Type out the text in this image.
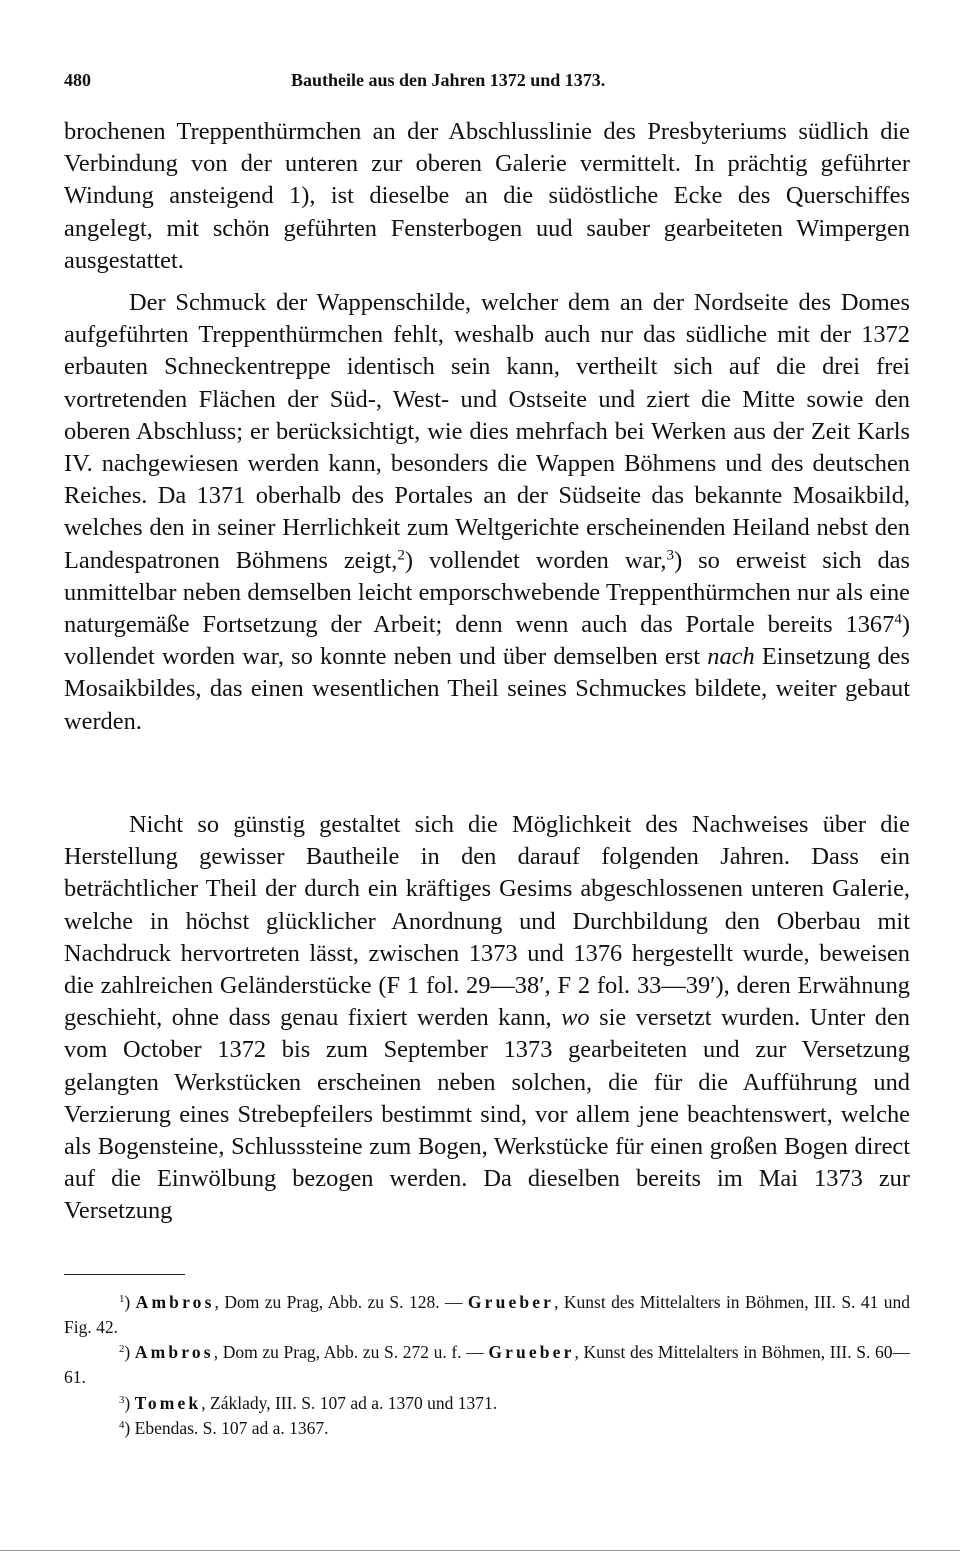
480	Bautheile aus den Jahren 1372 und 1373.

brochenen Treppenthürmchen an der Abschlusslinie des Presbyteriums südlich die Verbindung von der unteren zur oberen Galerie vermittelt. In prächtig geführter Windung ansteigend 1), ist dieselbe an die südöstliche Ecke des Querschiffes angelegt, mit schön geführten Fensterbogen uud sauber gearbeiteten Wimpergen ausgestattet.

Der Schmuck der Wappenschilde, welcher dem an der Nordseite des Domes aufgeführten Treppenthürmchen fehlt, weshalb auch nur das südliche mit der 1372 erbauten Schneckentreppe identisch sein kann, vertheilt sich auf die drei frei vortretenden Flächen der Süd-, West- und Ostseite und ziert die Mitte sowie den oberen Abschluss; er berücksichtigt, wie dies mehrfach bei Werken aus der Zeit Karls IV. nachgewiesen werden kann, besonders die Wappen Böhmens und des deutschen Reiches. Da 1371 oberhalb des Portales an der Südseite das bekannte Mosaikbild, welches den in seiner Herrlichkeit zum Weltgerichte erscheinenden Heiland nebst den Landespatronen Böhmens zeigt,$^2$) vollendet worden war,$^3$) so erweist sich das unmittelbar neben demselben leicht emporschwebende Treppenthürmchen nur als eine naturgemäße Fortsetzung der Arbeit; denn wenn auch das Portale bereits 1367$^4$) vollendet worden war, so konnte neben und über demselben erst nach Einsetzung des Mosaikbildes, das einen wesentlichen Theil seines Schmuckes bildete, weiter gebaut werden.

Nicht so günstig gestaltet sich die Möglichkeit des Nachweises über die Herstellung gewisser Bautheile in den darauf folgenden Jahren. Dass ein beträchtlicher Theil der durch ein kräftiges Gesims abgeschlossenen unteren Galerie, welche in höchst glücklicher Anordnung und Durchbildung den Oberbau mit Nachdruck hervortreten lässt, zwischen 1373 und 1376 hergestellt wurde, beweisen die zahlreichen Geländerstücke (F 1 fol. 29—38′, F 2 fol. 33—39′), deren Erwähnung geschieht, ohne dass genau fixiert werden kann, wo sie versetzt wurden. Unter den vom October 1372 bis zum September 1373 gearbeiteten und zur Versetzung gelangten Werkstücken erscheinen neben solchen, die für die Aufführung und Verzierung eines Strebepfeilers bestimmt sind, vor allem jene beachtenswert, welche als Bogensteine, Schlusssteine zum Bogen, Werkstücke für einen großen Bogen direct auf die Einwölbung bezogen werden. Da dieselben bereits im Mai 1373 zur Versetzung

$^1$) Ambros, Dom zu Prag, Abb. zu S. 128. — Grueber, Kunst des Mittelalters in Böhmen, III. S. 41 und Fig. 42.

$^2$) Ambros, Dom zu Prag, Abb. zu S. 272 u. f. — Grueber, Kunst des Mittelalters in Böhmen, III. S. 60—61.

$^3$) Tomek, Základy, III. S. 107 ad a. 1370 und 1371.

$^4$) Ebendas. S. 107 ad a. 1367.
